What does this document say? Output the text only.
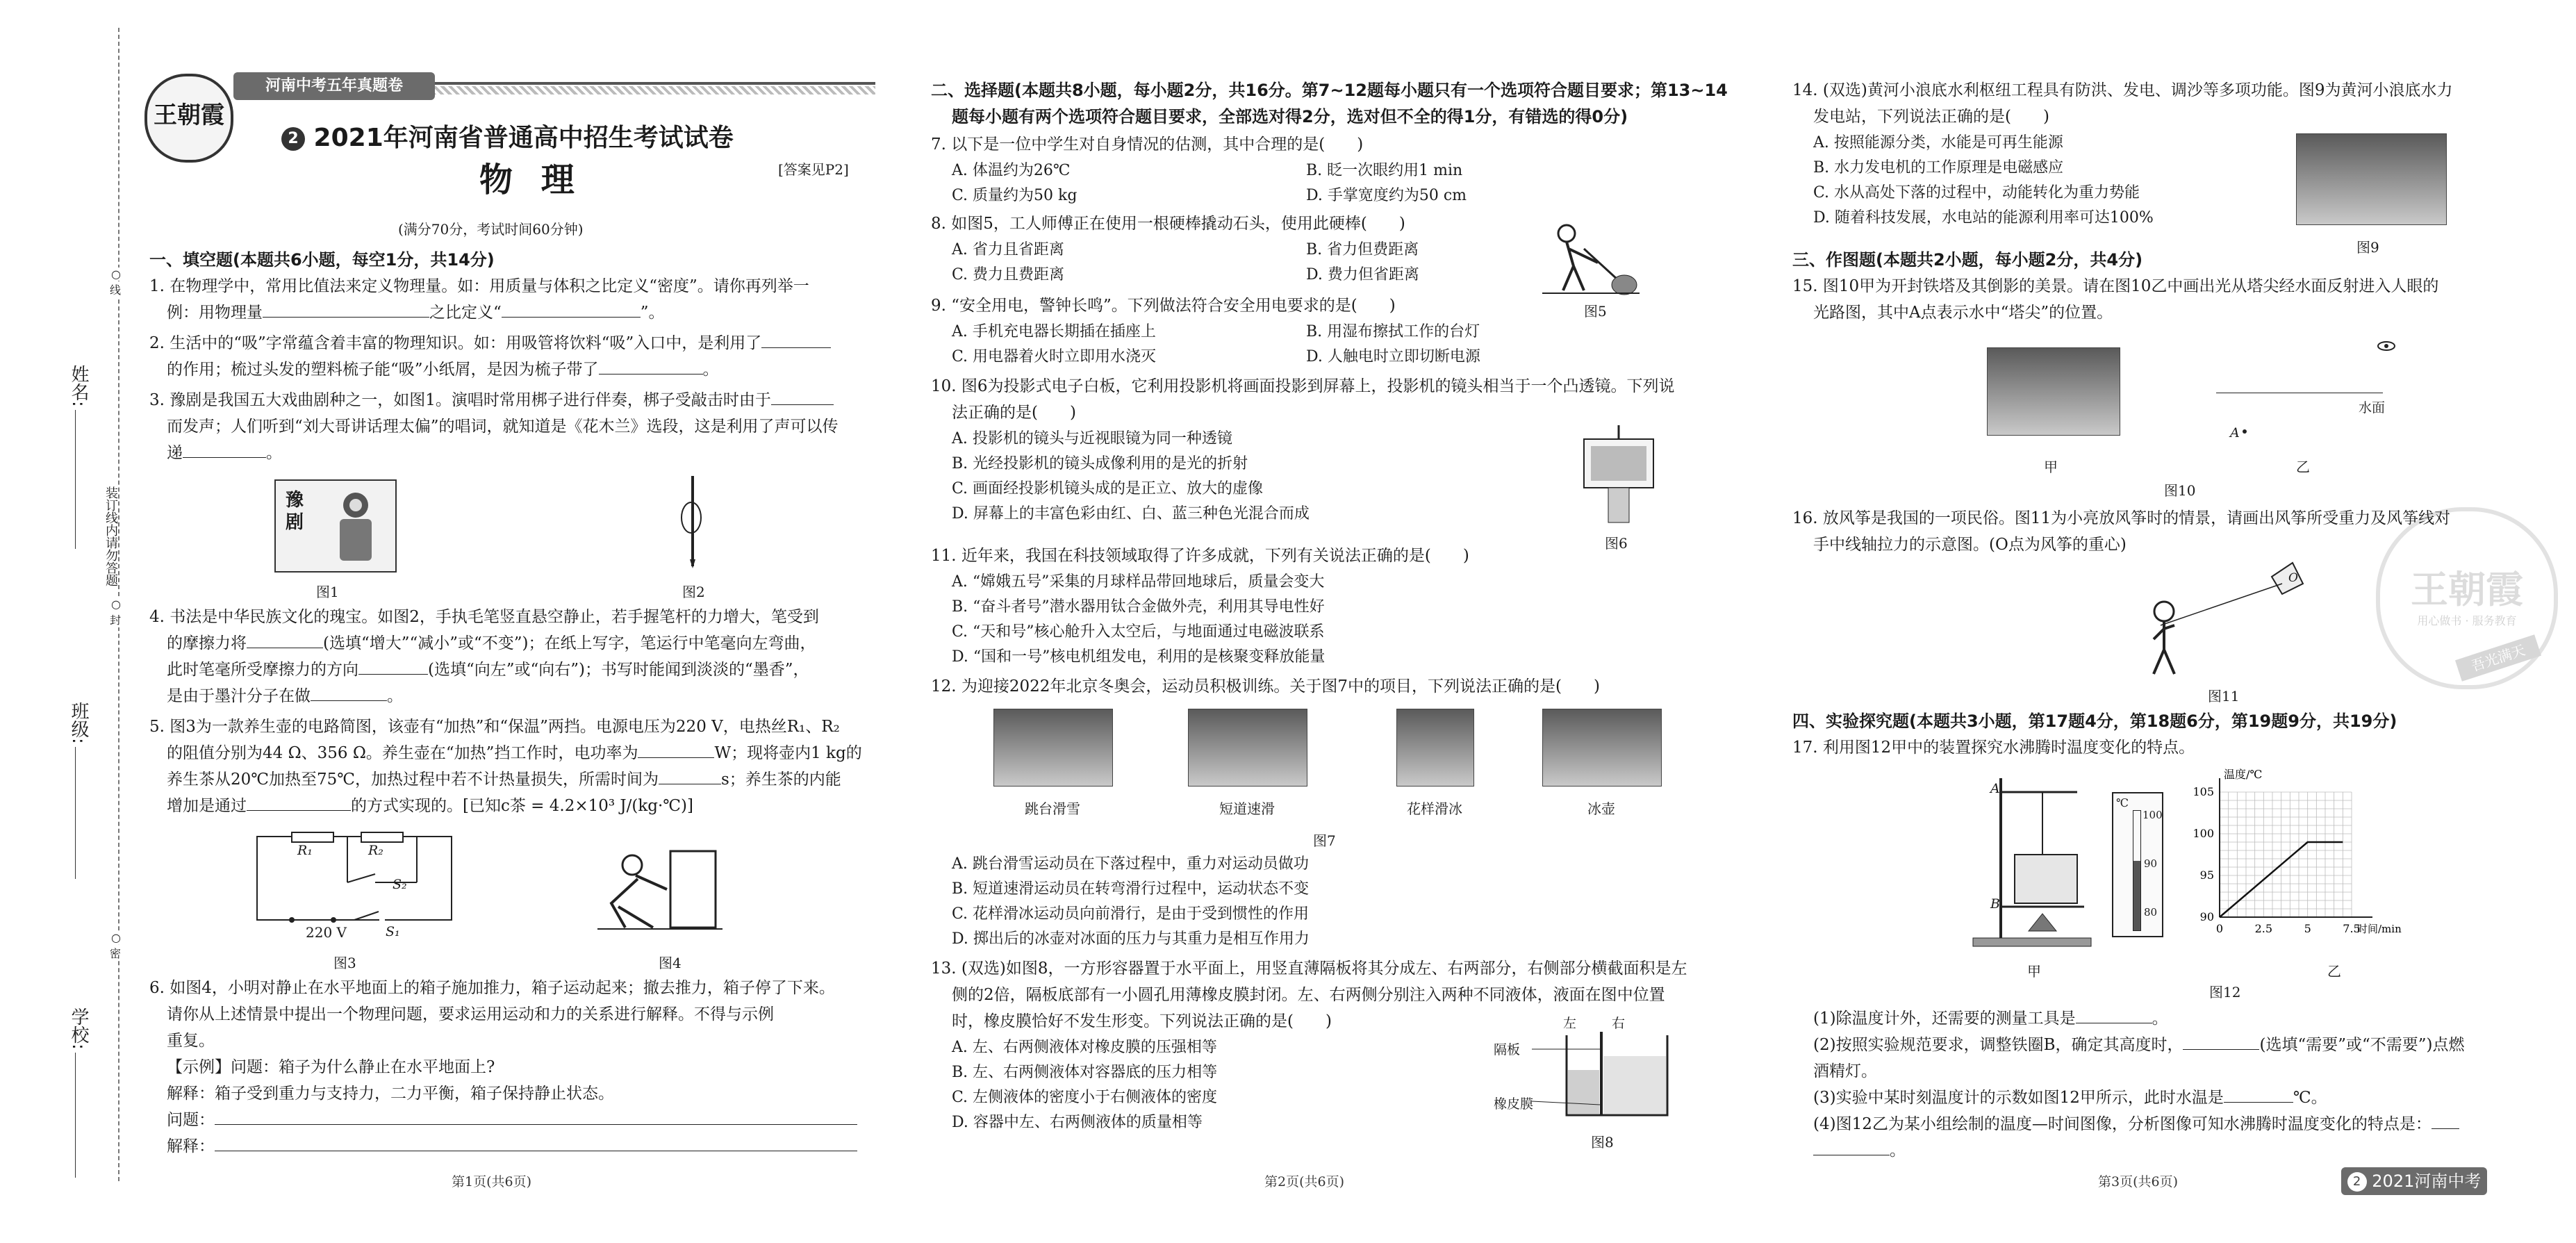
姓名:
班级:
学校:
装订线内请勿答题
○
线
○
封
○
密
王朝霞
河南中考五年真题卷
2 2021年河南省普通高中招生考试试卷
物 理	[答案见P2]
(满分70分，考试时间60分钟)
一、填空题(本题共6小题，每空1分，共14分)
1. 在物理学中，常用比值法来定义物理量。如：用质量与体积之比定义“密度”。请你再列举一
例：用物理量	之比定义“	”。
2. 生活中的“吸”字常蕴含着丰富的物理知识。如：用吸管将饮料“吸”入口中，是利用了
的作用；梳过头发的塑料梳子能“吸”小纸屑，是因为梳子带了	。
3. 豫剧是我国五大戏曲剧种之一，如图1。演唱时常用梆子进行伴奏，梆子受敲击时由于
而发声；人们听到“刘大哥讲话理太偏”的唱词，就知道是《花木兰》选段，这是利用了声可以传
递	。
豫剧
图1	图2
4. 书法是中华民族文化的瑰宝。如图2，手执毛笔竖直悬空静止，若手握笔杆的力增大，笔受到
的摩擦力将	(选填“增大”“减小”或“不变”)；在纸上写字，笔运行中笔毫向左弯曲，
此时笔毫所受摩擦力的方向	(选填“向左”或“向右”)；书写时能闻到淡淡的“墨香”，
是由于墨汁分子在做	。
5. 图3为一款养生壶的电路简图，该壶有“加热”和“保温”两挡。电源电压为220 V，电热丝R₁、R₂
的阻值分别为44 Ω、356 Ω。养生壶在“加热”挡工作时，电功率为	W；现将壶内1 kg的
养生茶从20℃加热至75℃，加热过程中若不计热量损失，所需时间为	s；养生茶的内能
增加是通过	的方式实现的。[已知c茶 = 4.2×10³ J/(kg·℃)]
R₁	R₂
S₂
S₁
220 V
图3	图4
6. 如图4，小明对静止在水平地面上的箱子施加推力，箱子运动起来；撤去推力，箱子停了下来。
请你从上述情景中提出一个物理问题，要求运用运动和力的关系进行解释。不得与示例
重复。
【示例】问题：箱子为什么静止在水平地面上?
解释：箱子受到重力与支持力，二力平衡，箱子保持静止状态。
问题：
解释：
第1页(共6页)
二、选择题(本题共8小题，每小题2分，共16分。第7~12题每小题只有一个选项符合题目要求；第13~14
题每小题有两个选项符合题目要求，全部选对得2分，选对但不全的得1分，有错选的得0分)
7. 以下是一位中学生对自身情况的估测，其中合理的是(　　)
A. 体温约为26℃	B. 眨一次眼约用1 min
C. 质量约为50 kg	D. 手掌宽度约为50 cm
8. 如图5，工人师傅正在使用一根硬棒撬动石头，使用此硬棒(　　)
A. 省力且省距离	B. 省力但费距离
C. 费力且费距离	D. 费力但省距离
图5
9. “安全用电，警钟长鸣”。下列做法符合安全用电要求的是(　　)
A. 手机充电器长期插在插座上	B. 用湿布擦拭工作的台灯
C. 用电器着火时立即用水浇灭	D. 人触电时立即切断电源
10. 图6为投影式电子白板，它利用投影机将画面投影到屏幕上，投影机的镜头相当于一个凸透镜。下列说
法正确的是(　　)
A. 投影机的镜头与近视眼镜为同一种透镜
B. 光经投影机的镜头成像利用的是光的折射
C. 画面经投影机镜头成的是正立、放大的虚像
D. 屏幕上的丰富色彩由红、白、蓝三种色光混合而成
图6
11. 近年来，我国在科技领域取得了许多成就，下列有关说法正确的是(　　)
A. “嫦娥五号”采集的月球样品带回地球后，质量会变大
B. “奋斗者号”潜水器用钛合金做外壳，利用其导电性好
C. “天和号”核心舱升入太空后，与地面通过电磁波联系
D. “国和一号”核电机组发电，利用的是核聚变释放能量
12. 为迎接2022年北京冬奥会，运动员积极训练。关于图7中的项目，下列说法正确的是(　　)
跳台滑雪	短道速滑	花样滑冰	冰壶
图7
A. 跳台滑雪运动员在下落过程中，重力对运动员做功
B. 短道速滑运动员在转弯滑行过程中，运动状态不变
C. 花样滑冰运动员向前滑行，是由于受到惯性的作用
D. 掷出后的冰壶对冰面的压力与其重力是相互作用力
13. (双选)如图8，一方形容器置于水平面上，用竖直薄隔板将其分成左、右两部分，右侧部分横截面积是左
侧的2倍，隔板底部有一小圆孔用薄橡皮膜封闭。左、右两侧分别注入两种不同液体，液面在图中位置
时，橡皮膜恰好不发生形变。下列说法正确的是(　　)
A. 左、右两侧液体对橡皮膜的压强相等
B. 左、右两侧液体对容器底的压力相等
C. 左侧液体的密度小于右侧液体的密度
D. 容器中左、右两侧液体的质量相等
左	右
隔板
橡皮膜
图8
第2页(共6页)
王朝霞
用心做书 · 服务教育
吾光满天
14. (双选)黄河小浪底水利枢纽工程具有防洪、发电、调沙等多项功能。图9为黄河小浪底水力
发电站，下列说法正确的是(　　)
A. 按照能源分类，水能是可再生能源
B. 水力发电机的工作原理是电磁感应
C. 水从高处下落的过程中，动能转化为重力势能
D. 随着科技发展，水电站的能源利用率可达100%
图9
三、作图题(本题共2小题，每小题2分，共4分)
15. 图10甲为开封铁塔及其倒影的美景。请在图10乙中画出光从塔尖经水面反射进入人眼的
光路图，其中A点表示水中“塔尖”的位置。
水面
A
甲	乙
图10
16. 放风筝是我国的一项民俗。图11为小亮放风筝时的情景，请画出风筝所受重力及风筝线对
手中线轴拉力的示意图。(O点为风筝的重心)
O
图11
四、实验探究题(本题共3小题，第17题4分，第18题6分，第19题9分，共19分)
17. 利用图12甲中的装置探究水沸腾时温度变化的特点。
A
B
甲
℃
100
90
80
0	2.5	5	7.5
90
95
100
105
温度/℃
时间/min
乙
图12
(1)除温度计外，还需要的测量工具是	。
(2)按照实验规范要求，调整铁圈B，确定其高度时，	(选填“需要”或“不需要”)点燃
酒精灯。
(3)实验中某时刻温度计的示数如图12甲所示，此时水温是	℃。
(4)图12乙为某小组绘制的温度—时间图像，分析图像可知水沸腾时温度变化的特点是：
。
第3页(共6页)	2 2021河南中考
